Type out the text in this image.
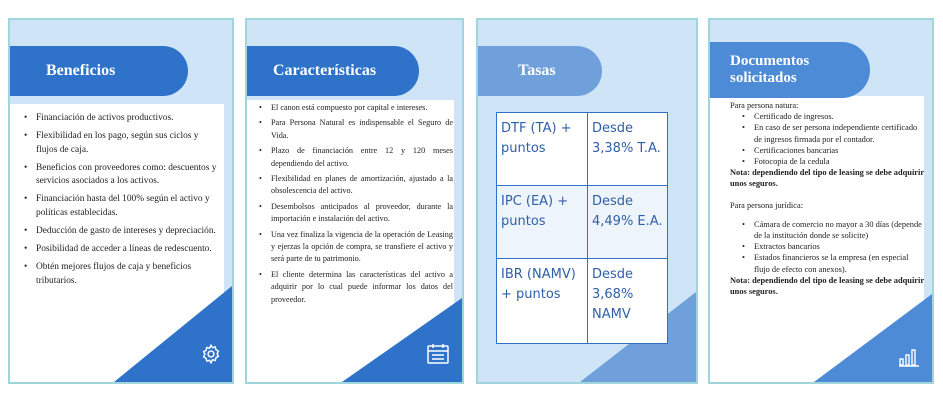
Beneficios
• Financiación de activos productivos.
• Flexibilidad en los pago, según sus ciclos y flujos de caja.
• Beneficios con proveedores como: descuentos y servicios asociados a los activos.
• Financiación hasta del 100% según el activo y políticas establecidas.
• Deducción de gasto de intereses y depreciación.
• Posibilidad de acceder a líneas de redescuento.
• Obtén mejores flujos de caja y beneficios tributarios.
Características
• El canon está compuesto por capital e intereses.
• Para Persona Natural es indispensable el Seguro de Vida.
• Plazo de financiación entre 12 y 120 meses dependiendo del activo.
• Flexibilidad en planes de amortización, ajustado a la obsolescencia del activo.
• Desembolsos anticipados al proveedor, durante la importación e instalación del activo.
• Una vez finaliza la vigencia de la operación de Leasing y ejerzas la opción de compra, se transfiere el activo y será parte de tu patrimonio.
• El cliente determina las características del activo a adquirir por lo cual puede informar los datos del proveedor.
Tasas
DTF (TA) + puntos	Desde 3,38% T.A.
IPC (EA) + puntos	Desde 4,49% E.A.
IBR (NAMV) + puntos	Desde 3,68% NAMV
Documentos solicitados

Para persona natura:

• Certificado de ingresos.
• En caso de ser persona independiente certificado de ingresos firmada por el contador.
• Certificaciones bancarias
• Fotocopia de la cedula

Nota: dependiendo del tipo de leasing se debe adquirir unos seguros.

Para persona jurídica:

• Cámara de comercio no mayor a 30 días (depende de la institución donde se solicite)
• Extractos bancarios
• Estados financieros se la empresa (en especial flujo de efecto con anexos).

Nota: dependiendo del tipo de leasing se debe adquirir unos seguros.
